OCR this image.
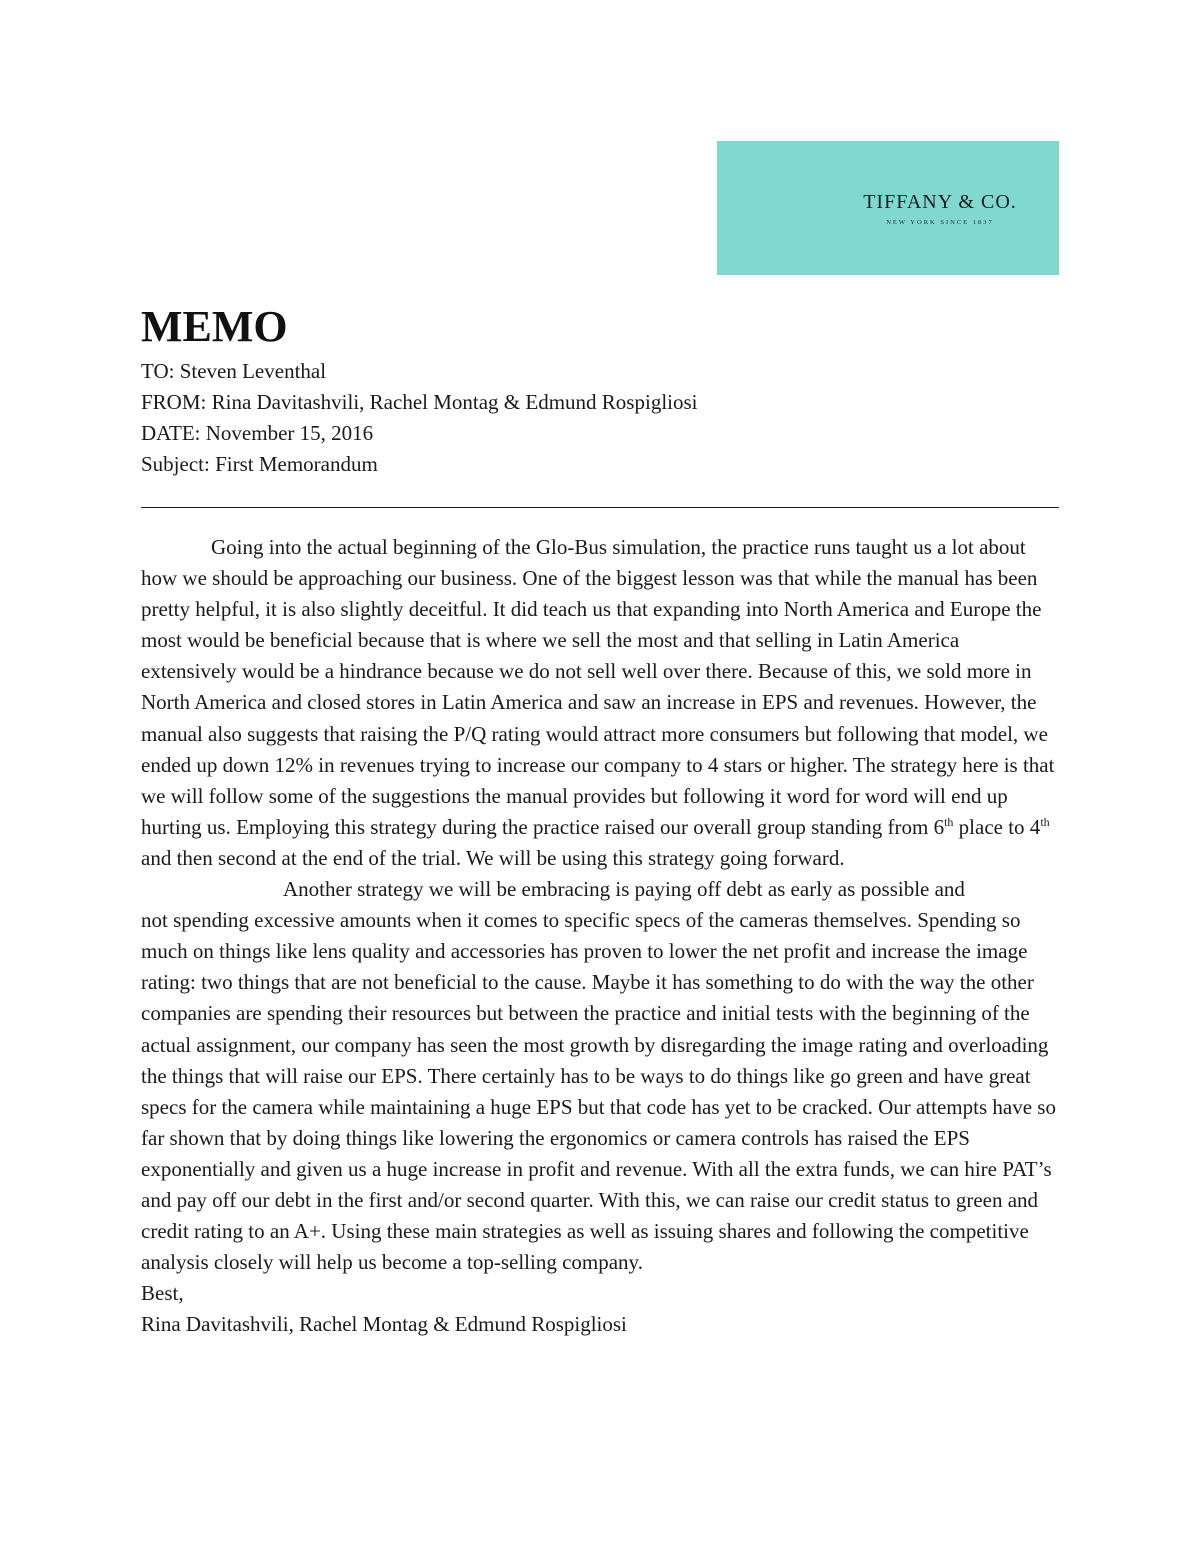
TIFFANY & CO.
NEW YORK SINCE 1837
MEMO
TO: Steven Leventhal
FROM: Rina Davitashvili, Rachel Montag & Edmund Rospigliosi
DATE: November 15, 2016
Subject: First Memorandum

Going into the actual beginning of the Glo-Bus simulation, the practice runs taught us a lot about how we should be approaching our business. One of the biggest lesson was that while the manual has been pretty helpful, it is also slightly deceitful. It did teach us that expanding into North America and Europe the most would be beneficial because that is where we sell the most and that selling in Latin America extensively would be a hindrance because we do not sell well over there. Because of this, we sold more in North America and closed stores in Latin America and saw an increase in EPS and revenues. However, the manual also suggests that raising the P/Q rating would attract more consumers but following that model, we ended up down 12% in revenues trying to increase our company to 4 stars or higher. The strategy here is that we will follow some of the suggestions the manual provides but following it word for word will end up hurting us. Employing this strategy during the practice raised our overall group standing from 6th place to 4th and then second at the end of the trial. We will be using this strategy going forward.

Another strategy we will be embracing is paying off debt as early as possible and

not spending excessive amounts when it comes to specific specs of the cameras themselves. Spending so much on things like lens quality and accessories has proven to lower the net profit and increase the image rating: two things that are not beneficial to the cause. Maybe it has something to do with the way the other companies are spending their resources but between the practice and initial tests with the beginning of the actual assignment, our company has seen the most growth by disregarding the image rating and overloading the things that will raise our EPS. There certainly has to be ways to do things like go green and have great specs for the camera while maintaining a huge EPS but that code has yet to be cracked. Our attempts have so far shown that by doing things like lowering the ergonomics or camera controls has raised the EPS exponentially and given us a huge increase in profit and revenue. With all the extra funds, we can hire PAT’s and pay off our debt in the first and/or second quarter. With this, we can raise our credit status to green and credit rating to an A+. Using these main strategies as well as issuing shares and following the competitive analysis closely will help us become a top-selling company.

Best,

Rina Davitashvili, Rachel Montag & Edmund Rospigliosi
